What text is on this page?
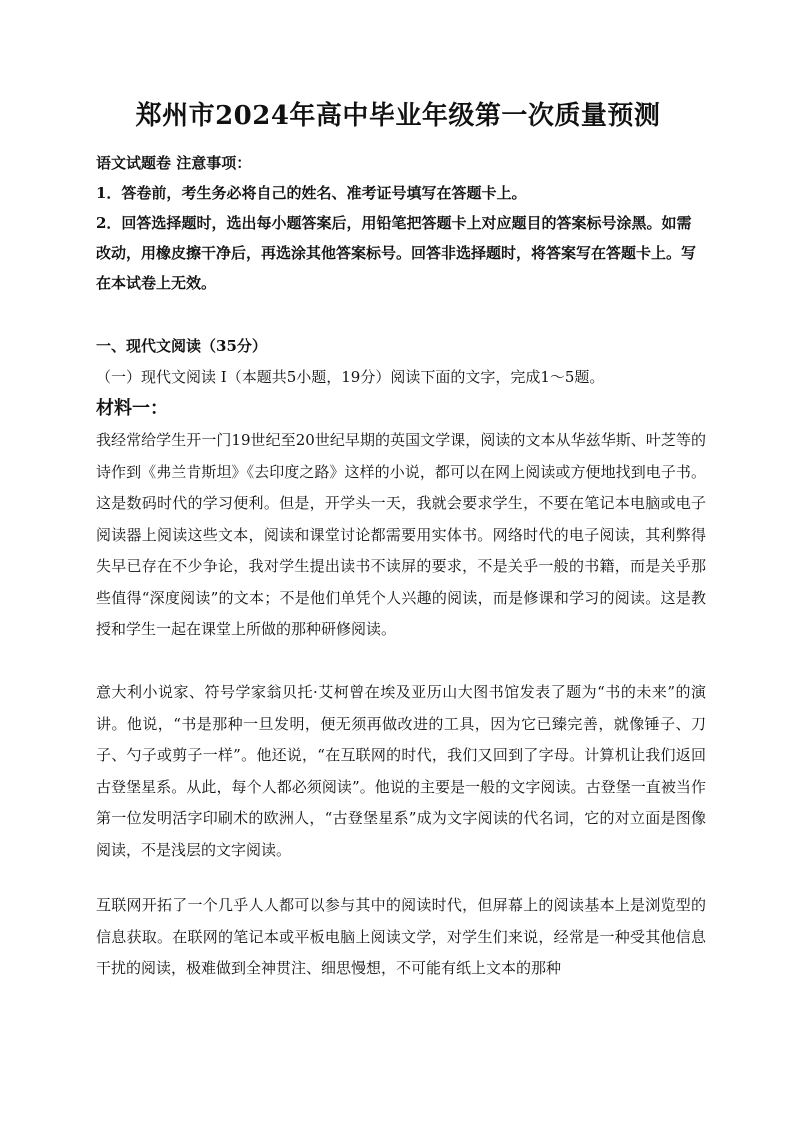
郑州市2024年高中毕业年级第一次质量预测

语文试题卷 注意事项：

1．答卷前，考生务必将自己的姓名、准考证号填写在答题卡上。

2．回答选择题时，选出每小题答案后，用铅笔把答题卡上对应题目的答案标号涂黑。如需改动，用橡皮擦干净后，再选涂其他答案标号。回答非选择题时，将答案写在答题卡上。写在本试卷上无效。

一、现代文阅读（35分）

（一）现代文阅读 I（本题共5小题，19分）阅读下面的文字，完成1～5题。

材料一：

我经常给学生开一门19世纪至20世纪早期的英国文学课，阅读的文本从华兹华斯、叶芝等的诗作到《弗兰肯斯坦》《去印度之路》这样的小说，都可以在网上阅读或方便地找到电子书。这是数码时代的学习便利。但是，开学头一天，我就会要求学生，不要在笔记本电脑或电子阅读器上阅读这些文本，阅读和课堂讨论都需要用实体书。网络时代的电子阅读，其利弊得失早已存在不少争论，我对学生提出读书不读屏的要求，不是关乎一般的书籍，而是关乎那些值得“深度阅读”的文本；不是他们单凭个人兴趣的阅读，而是修课和学习的阅读。这是教授和学生一起在课堂上所做的那种研修阅读。

意大利小说家、符号学家翁贝托·艾柯曾在埃及亚历山大图书馆发表了题为“书的未来”的演讲。他说，“书是那种一旦发明，便无须再做改进的工具，因为它已臻完善，就像锤子、刀子、勺子或剪子一样”。他还说，“在互联网的时代，我们又回到了字母。计算机让我们返回古登堡星系。从此，每个人都必须阅读”。他说的主要是一般的文字阅读。古登堡一直被当作第一位发明活字印刷术的欧洲人，“古登堡星系”成为文字阅读的代名词，它的对立面是图像阅读，不是浅层的文字阅读。

互联网开拓了一个几乎人人都可以参与其中的阅读时代，但屏幕上的阅读基本上是浏览型的信息获取。在联网的笔记本或平板电脑上阅读文学，对学生们来说，经常是一种受其他信息干扰的阅读，极难做到全神贯注、细思慢想，不可能有纸上文本的那种
